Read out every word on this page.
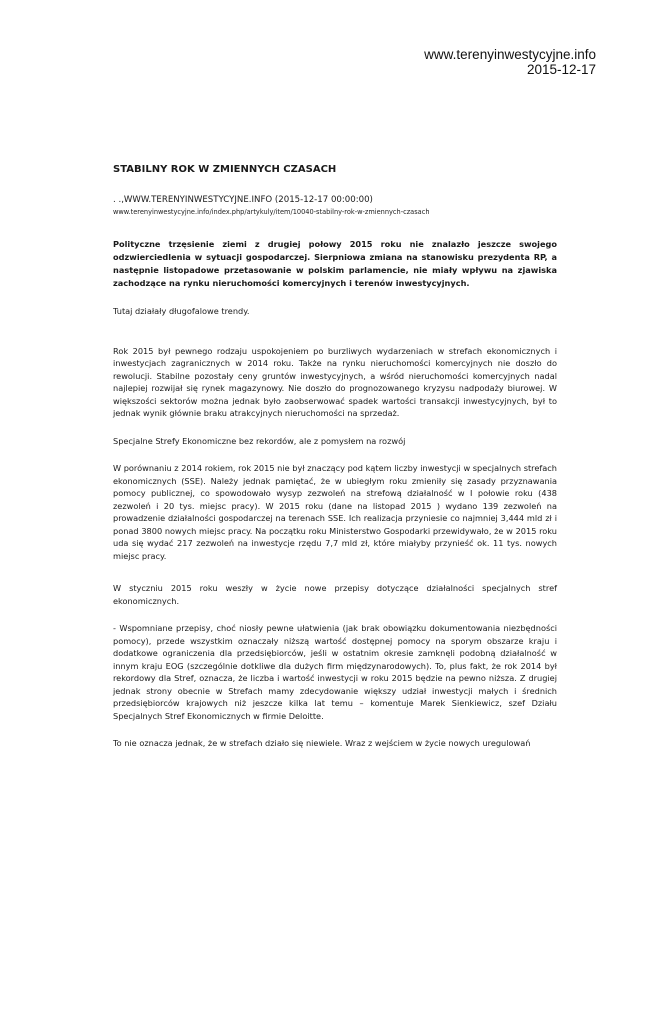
www.terenyinwestycyjne.info
2015-12-17
STABILNY ROK W ZMIENNYCH CZASACH
. .,WWW.TERENYINWESTYCYJNE.INFO (2015-12-17 00:00:00)
www.terenyinwestycyjne.info/index.php/artykuly/item/10040-stabilny-rok-w-zmiennych-czasach

Polityczne trzęsienie ziemi z drugiej połowy 2015 roku nie znalazło jeszcze swojego odzwierciedlenia w sytuacji gospodarczej. Sierpniowa zmiana na stanowisku prezydenta RP, a następnie listopadowe przetasowanie w polskim parlamencie, nie miały wpływu na zjawiska zachodzące na rynku nieruchomości komercyjnych i terenów inwestycyjnych.

Tutaj działały długofalowe trendy.

Rok 2015 był pewnego rodzaju uspokojeniem po burzliwych wydarzeniach w strefach ekonomicznych i inwestycjach zagranicznych w 2014 roku. Także na rynku nieruchomości komercyjnych nie doszło do rewolucji. Stabilne pozostały ceny gruntów inwestycyjnych, a wśród nieruchomości komercyjnych nadal najlepiej rozwijał się rynek magazynowy. Nie doszło do prognozowanego kryzysu nadpodaży biurowej. W większości sektorów można jednak było zaobserwować spadek wartości transakcji inwestycyjnych, był to jednak wynik głównie braku atrakcyjnych nieruchomości na sprzedaż.

Specjalne Strefy Ekonomiczne bez rekordów, ale z pomysłem na rozwój

W porównaniu z 2014 rokiem, rok 2015 nie był znaczący pod kątem liczby inwestycji w specjalnych strefach ekonomicznych (SSE). Należy jednak pamiętać, że w ubiegłym roku zmieniły się zasady przyznawania pomocy publicznej, co spowodowało wysyp zezwoleń na strefową działalność w I połowie roku (438 zezwoleń i 20 tys. miejsc pracy). W 2015 roku (dane na listopad 2015 ) wydano 139 zezwoleń na prowadzenie działalności gospodarczej na terenach SSE. Ich realizacja przyniesie co najmniej 3,444 mld zł i ponad 3800 nowych miejsc pracy. Na początku roku Ministerstwo Gospodarki przewidywało, że w 2015 roku uda się wydać 217 zezwoleń na inwestycje rzędu 7,7 mld zł, które miałyby przynieść ok. 11 tys. nowych miejsc pracy.

W styczniu 2015 roku weszły w życie nowe przepisy dotyczące działalności specjalnych stref ekonomicznych.

- Wspomniane przepisy, choć niosły pewne ułatwienia (jak brak obowiązku dokumentowania niezbędności pomocy), przede wszystkim oznaczały niższą wartość dostępnej pomocy na sporym obszarze kraju i dodatkowe ograniczenia dla przedsiębiorców, jeśli w ostatnim okresie zamknęli podobną działalność w innym kraju EOG (szczególnie dotkliwe dla dużych firm międzynarodowych). To, plus fakt, że rok 2014 był rekordowy dla Stref, oznacza, że liczba i wartość inwestycji w roku 2015 będzie na pewno niższa. Z drugiej jednak strony obecnie w Strefach mamy zdecydowanie większy udział inwestycji małych i średnich przedsiębiorców krajowych niż jeszcze kilka lat temu – komentuje Marek Sienkiewicz, szef Działu Specjalnych Stref Ekonomicznych w firmie Deloitte.

To nie oznacza jednak, że w strefach działo się niewiele. Wraz z wejściem w życie nowych uregulowań
